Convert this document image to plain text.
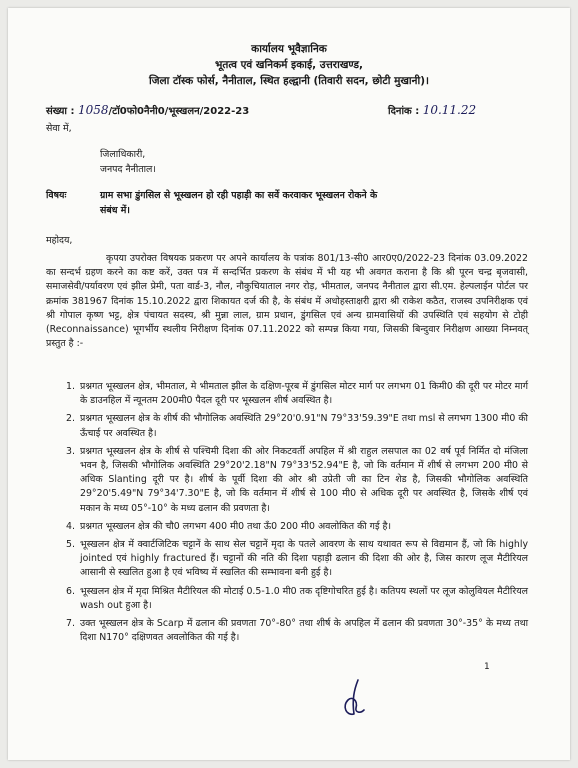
कार्यालय भूवैज्ञानिक
भूतत्व एवं खनिकर्म इकाई, उत्तराखण्ड,
जिला टॉस्क फोर्स, नैनीताल, स्थित हल्द्वानी (तिवारी सदन, छोटी मुखानी)।
संख्या : 1058/टॉ0फो0नैनी0/भूस्खलन/2022-23	दिनांक : 10.11.22
सेवा में,
जिलाधिकारी,
जनपद नैनीताल।
विषयः	ग्राम सभा डुंगसिल से भूस्खलन हो रही पहाड़ी का सर्वे करवाकर भूस्खलन रोकने के
संबंध में।
महोदय,
कृपया उपरोक्त विषयक प्रकरण पर अपने कार्यालय के पत्रांक 801/13-सी0 आर0ए0/2022-23 दिनांक 03.09.2022 का सन्दर्भ ग्रहण करने का कष्ट करें, उक्त पत्र में सन्दर्भित प्रकरण के संबंध में भी यह भी अवगत कराना है कि श्री पूरन चन्द्र बृजवासी, समाजसेवी/पर्यावरण एवं झील प्रेमी, पता वार्ड-3, नौल, नौकुचियाताल नगर रोड़, भीमताल, जनपद नैनीताल द्वारा सी.एम. हेल्पलाईन पोर्टल पर क्रमांक 381967 दिनांक 15.10.2022 द्वारा शिकायत दर्ज की है, के संबंध में अधोहस्ताक्षरी द्वारा श्री राकेश कठैत, राजस्व उपनिरीक्षक एवं श्री गोपाल कृष्ण भट्ट, क्षेत्र पंचायत सदस्य, श्री मुन्ना लाल, ग्राम प्रधान, डुंगसिल एवं अन्य ग्रामवासियों की उपस्थिति एवं सहयोग से टोही (Reconnaissance) भूगर्भीय स्थलीय निरीक्षण दिनांक 07.11.2022 को सम्पन्न किया गया, जिसकी बिन्दुवार निरीक्षण आख्या निम्नवत् प्रस्तुत है :-
1. प्रश्नगत भूस्खलन क्षेत्र, भीमताल, मे भीमताल झील के दक्षिण-पूरब में डुंगसिल मोटर मार्ग पर लगभग 01 किमी0 की दूरी पर मोटर मार्ग के डाउनहिल में न्यूनतम 200मी0 पैदल दूरी पर भूस्खलन शीर्ष अवस्थित है।
2. प्रश्नगत भूस्खलन क्षेत्र के शीर्ष की भौगोलिक अवस्थिति 29°20'0.91"N 79°33'59.39"E तथा msl से लगभग 1300 मी0 की ऊँचाई पर अवस्थित है।
3. प्रश्नगत भूस्खलन क्षेत्र के शीर्ष से पश्चिमी दिशा की ओर निकटवर्ती अपहिल में श्री राहुल लसपाल का 02 वर्ष पूर्व निर्मित दो मंजिला भवन है, जिसकी भौगोलिक अवस्थिति 29°20'2.18"N 79°33'52.94"E है, जो कि वर्तमान में शीर्ष से लगभग 200 मी0 से अधिक Slanting दूरी पर है। शीर्ष के पूर्वी दिशा की ओर श्री उप्रेती जी का टिन शेड है, जिसकी भौगोलिक अवस्थिति 29°20'5.49"N 79°34'7.30"E है, जो कि वर्तमान में शीर्ष से 100 मी0 से अधिक दूरी पर अवस्थित है, जिसके शीर्ष एवं मकान के मध्य 05°-10° के मध्य ढलान की प्रवणता है।
4. प्रश्नगत भूस्खलन क्षेत्र की चौ0 लगभग 400 मी0 तथा ऊँ0 200 मी0 अवलोकित की गई है।
5. भूस्खलन क्षेत्र में क्वार्टजिटिक चट्टानें के साथ सेल चट्टानें मृदा के पतले आवरण के साथ यथावत रूप से विद्यमान हैं, जो कि highly jointed एवं highly fractured हैं। चट्टानों की नति की दिशा पहाड़ी ढलान की दिशा की ओर है, जिस कारण लूज मैटीरियल आसानी से स्खलित हुआ है एवं भविष्य में स्खलित की सम्भावना बनी हुई है।
6. भूस्खलन क्षेत्र में मृदा मिश्रित मैटीरियल की मोटाई 0.5-1.0 मी0 तक दृष्टिगोचरित हुई है। कतिपय स्थलों पर लूज कोलुवियल मैटीरियल wash out हुआ है।
7. उक्त भूस्खलन क्षेत्र के Scarp में ढलान की प्रवणता 70°-80° तथा शीर्ष के अपहिल में ढलान की प्रवणता 30°-35° के मध्य तथा दिशा N170° दक्षिणवत अवलोकित की गई है।
1
